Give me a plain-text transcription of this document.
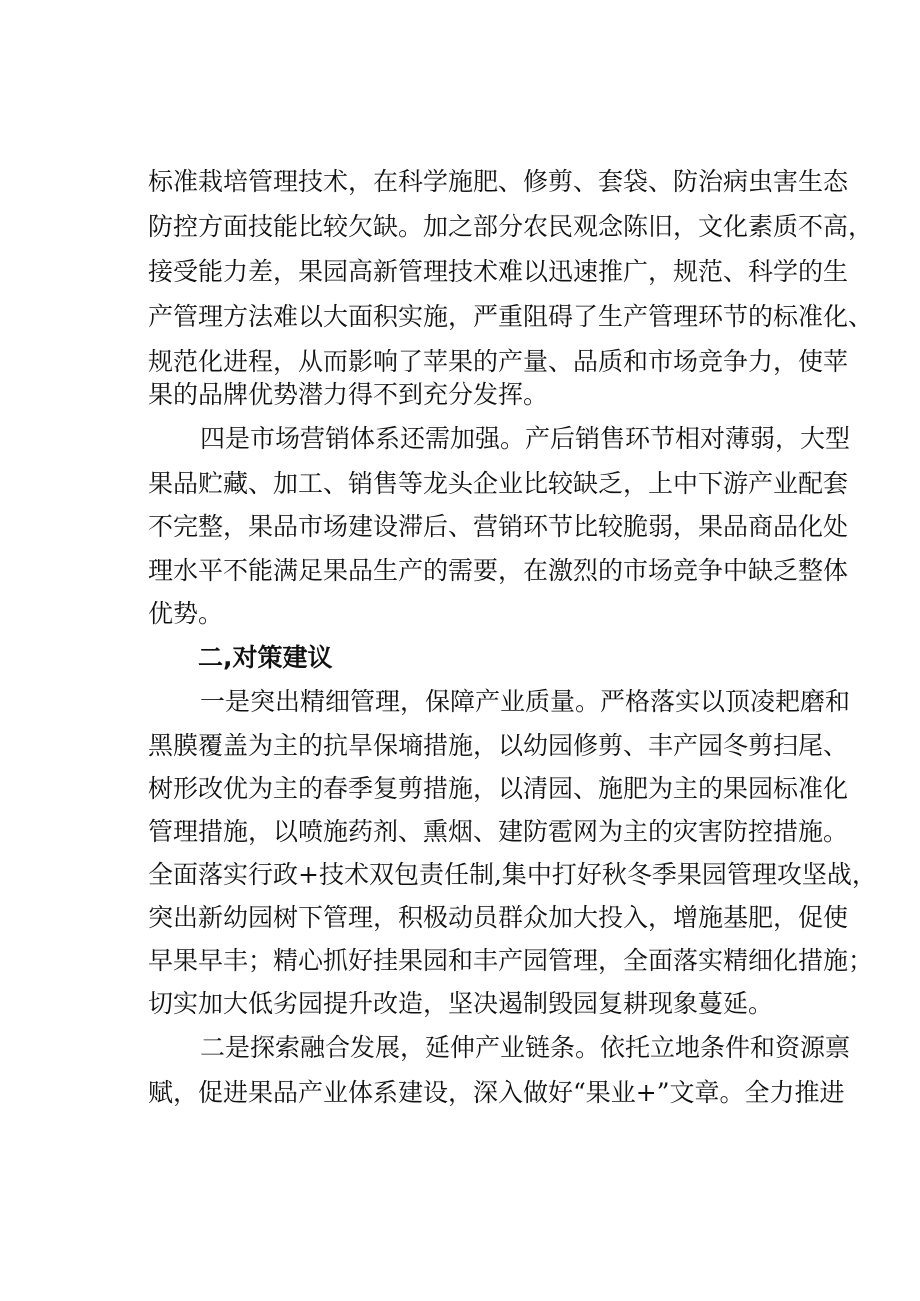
标准栽培管理技术，在科学施肥、修剪、套袋、防治病虫害生态
防控方面技能比较欠缺。加之部分农民观念陈旧，文化素质不高，
接受能力差，果园高新管理技术难以迅速推广，规范、科学的生
产管理方法难以大面积实施，严重阻碍了生产管理环节的标准化、
规范化进程，从而影响了苹果的产量、品质和市场竞争力，使苹
果的品牌优势潜力得不到充分发挥。
四是市场营销体系还需加强。产后销售环节相对薄弱，大型
果品贮藏、加工、销售等龙头企业比较缺乏，上中下游产业配套
不完整，果品市场建设滞后、营销环节比较脆弱，果品商品化处
理水平不能满足果品生产的需要，在激烈的市场竞争中缺乏整体
优势。
二,对策建议
一是突出精细管理，保障产业质量。严格落实以顶凌耙磨和
黑膜覆盖为主的抗旱保墒措施，以幼园修剪、丰产园冬剪扫尾、
树形改优为主的春季复剪措施，以清园、施肥为主的果园标准化
管理措施，以喷施药剂、熏烟、建防雹网为主的灾害防控措施。
全面落实行政+技术双包责任制,集中打好秋冬季果园管理攻坚战，
突出新幼园树下管理，积极动员群众加大投入，增施基肥，促使
早果早丰；精心抓好挂果园和丰产园管理，全面落实精细化措施；
切实加大低劣园提升改造，坚决遏制毁园复耕现象蔓延。
二是探索融合发展，延伸产业链条。依托立地条件和资源禀
赋，促进果品产业体系建设，深入做好“果业+”文章。全力推进
